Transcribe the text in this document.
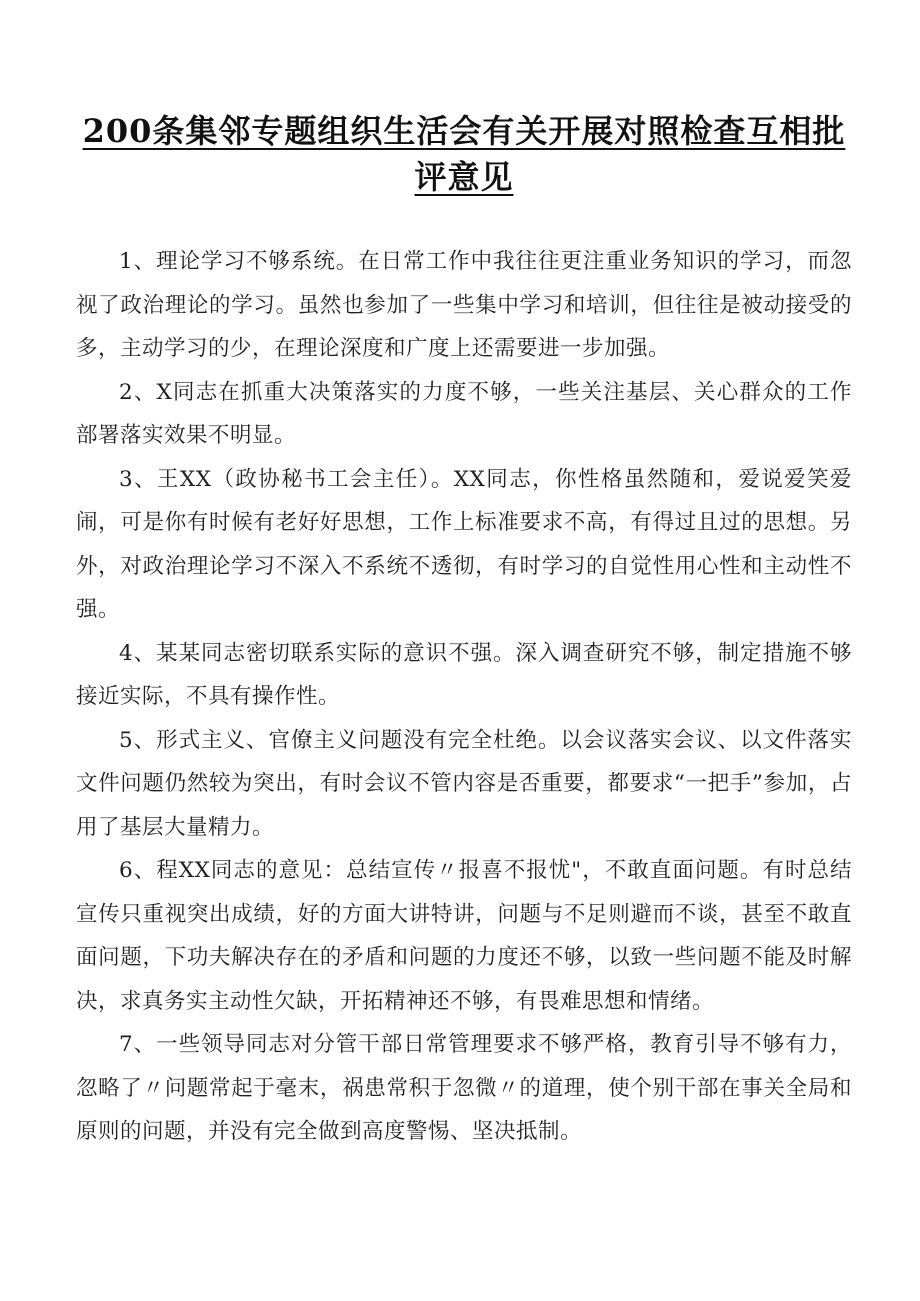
200条集邻专题组织生活会有关开展对照检查互相批评意见

1、理论学习不够系统。在日常工作中我往往更注重业务知识的学习，而忽视了政治理论的学习。虽然也参加了一些集中学习和培训，但往往是被动接受的多，主动学习的少，在理论深度和广度上还需要进一步加强。

2、X同志在抓重大决策落实的力度不够，一些关注基层、关心群众的工作部署落实效果不明显。

3、王XX（政协秘书工会主任）。XX同志，你性格虽然随和，爱说爱笑爱闹，可是你有时候有老好好思想，工作上标准要求不高，有得过且过的思想。另外，对政治理论学习不深入不系统不透彻，有时学习的自觉性用心性和主动性不强。

4、某某同志密切联系实际的意识不强。深入调查研究不够，制定措施不够接近实际，不具有操作性。

5、形式主义、官僚主义问题没有完全杜绝。以会议落实会议、以文件落实文件问题仍然较为突出，有时会议不管内容是否重要，都要求“一把手”参加，占用了基层大量精力。

6、程XX同志的意见：总结宣传〃报喜不报忧"，不敢直面问题。有时总结宣传只重视突出成绩，好的方面大讲特讲，问题与不足则避而不谈，甚至不敢直面问题，下功夫解决存在的矛盾和问题的力度还不够，以致一些问题不能及时解决，求真务实主动性欠缺，开拓精神还不够，有畏难思想和情绪。

7、一些领导同志对分管干部日常管理要求不够严格，教育引导不够有力，忽略了〃问题常起于毫末，祸患常积于忽微〃的道理，使个别干部在事关全局和原则的问题，并没有完全做到高度警惕、坚决抵制。
